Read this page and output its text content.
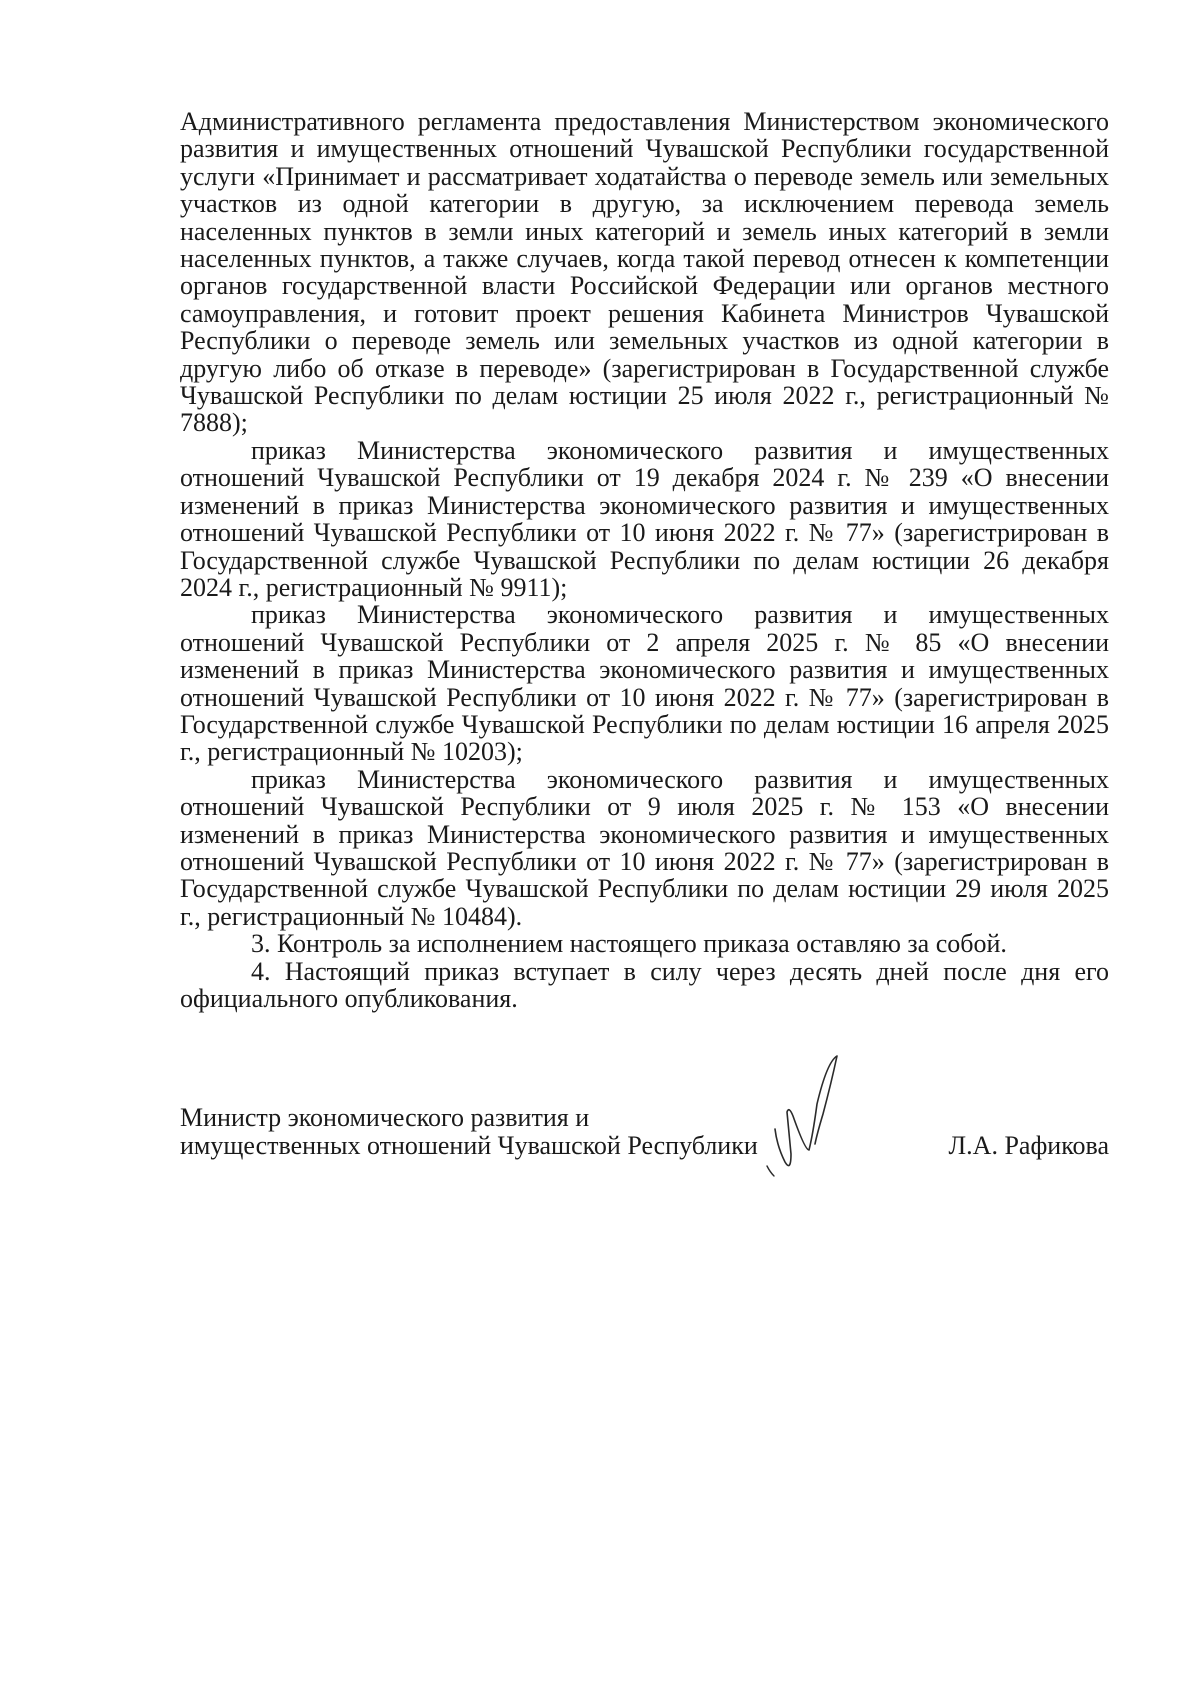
Административного регламента предоставления Министерством экономического развития и имущественных отношений Чувашской Республики государственной услуги «Принимает и рассматривает ходатайства о переводе земель или земельных участков из одной категории в другую, за исключением перевода земель населенных пунктов в земли иных категорий и земель иных категорий в земли населенных пунктов, а также случаев, когда такой перевод отнесен к компетенции органов государственной власти Российской Федерации или органов местного самоуправления, и готовит проект решения Кабинета Министров Чувашской Республики о переводе земель или земельных участков из одной категории в другую либо об отказе в переводе» (зарегистрирован в Государственной службе Чувашской Республики по делам юстиции 25 июля 2022 г., регистрационный № 7888);

приказ Министерства экономического развития и имущественных отношений Чувашской Республики от 19 декабря 2024 г. № 239 «О внесении изменений в приказ Министерства экономического развития и имущественных отношений Чувашской Республики от 10 июня 2022 г. № 77» (зарегистрирован в Государственной службе Чувашской Республики по делам юстиции 26 декабря 2024 г., регистрационный № 9911);

приказ Министерства экономического развития и имущественных отношений Чувашской Республики от 2 апреля 2025 г. № 85 «О внесении изменений в приказ Министерства экономического развития и имущественных отношений Чувашской Республики от 10 июня 2022 г. № 77» (зарегистрирован в Государственной службе Чувашской Республики по делам юстиции 16 апреля 2025 г., регистрационный № 10203);

приказ Министерства экономического развития и имущественных отношений Чувашской Республики от 9 июля 2025 г. № 153 «О внесении изменений в приказ Министерства экономического развития и имущественных отношений Чувашской Республики от 10 июня 2022 г. № 77» (зарегистрирован в Государственной службе Чувашской Республики по делам юстиции 29 июля 2025 г., регистрационный № 10484).

3. Контроль за исполнением настоящего приказа оставляю за собой.

4. Настоящий приказ вступает в силу через десять дней после дня его официального опубликования.

Министр экономического развития и
имущественных отношений Чувашской Республики	Л.А. Рафикова
